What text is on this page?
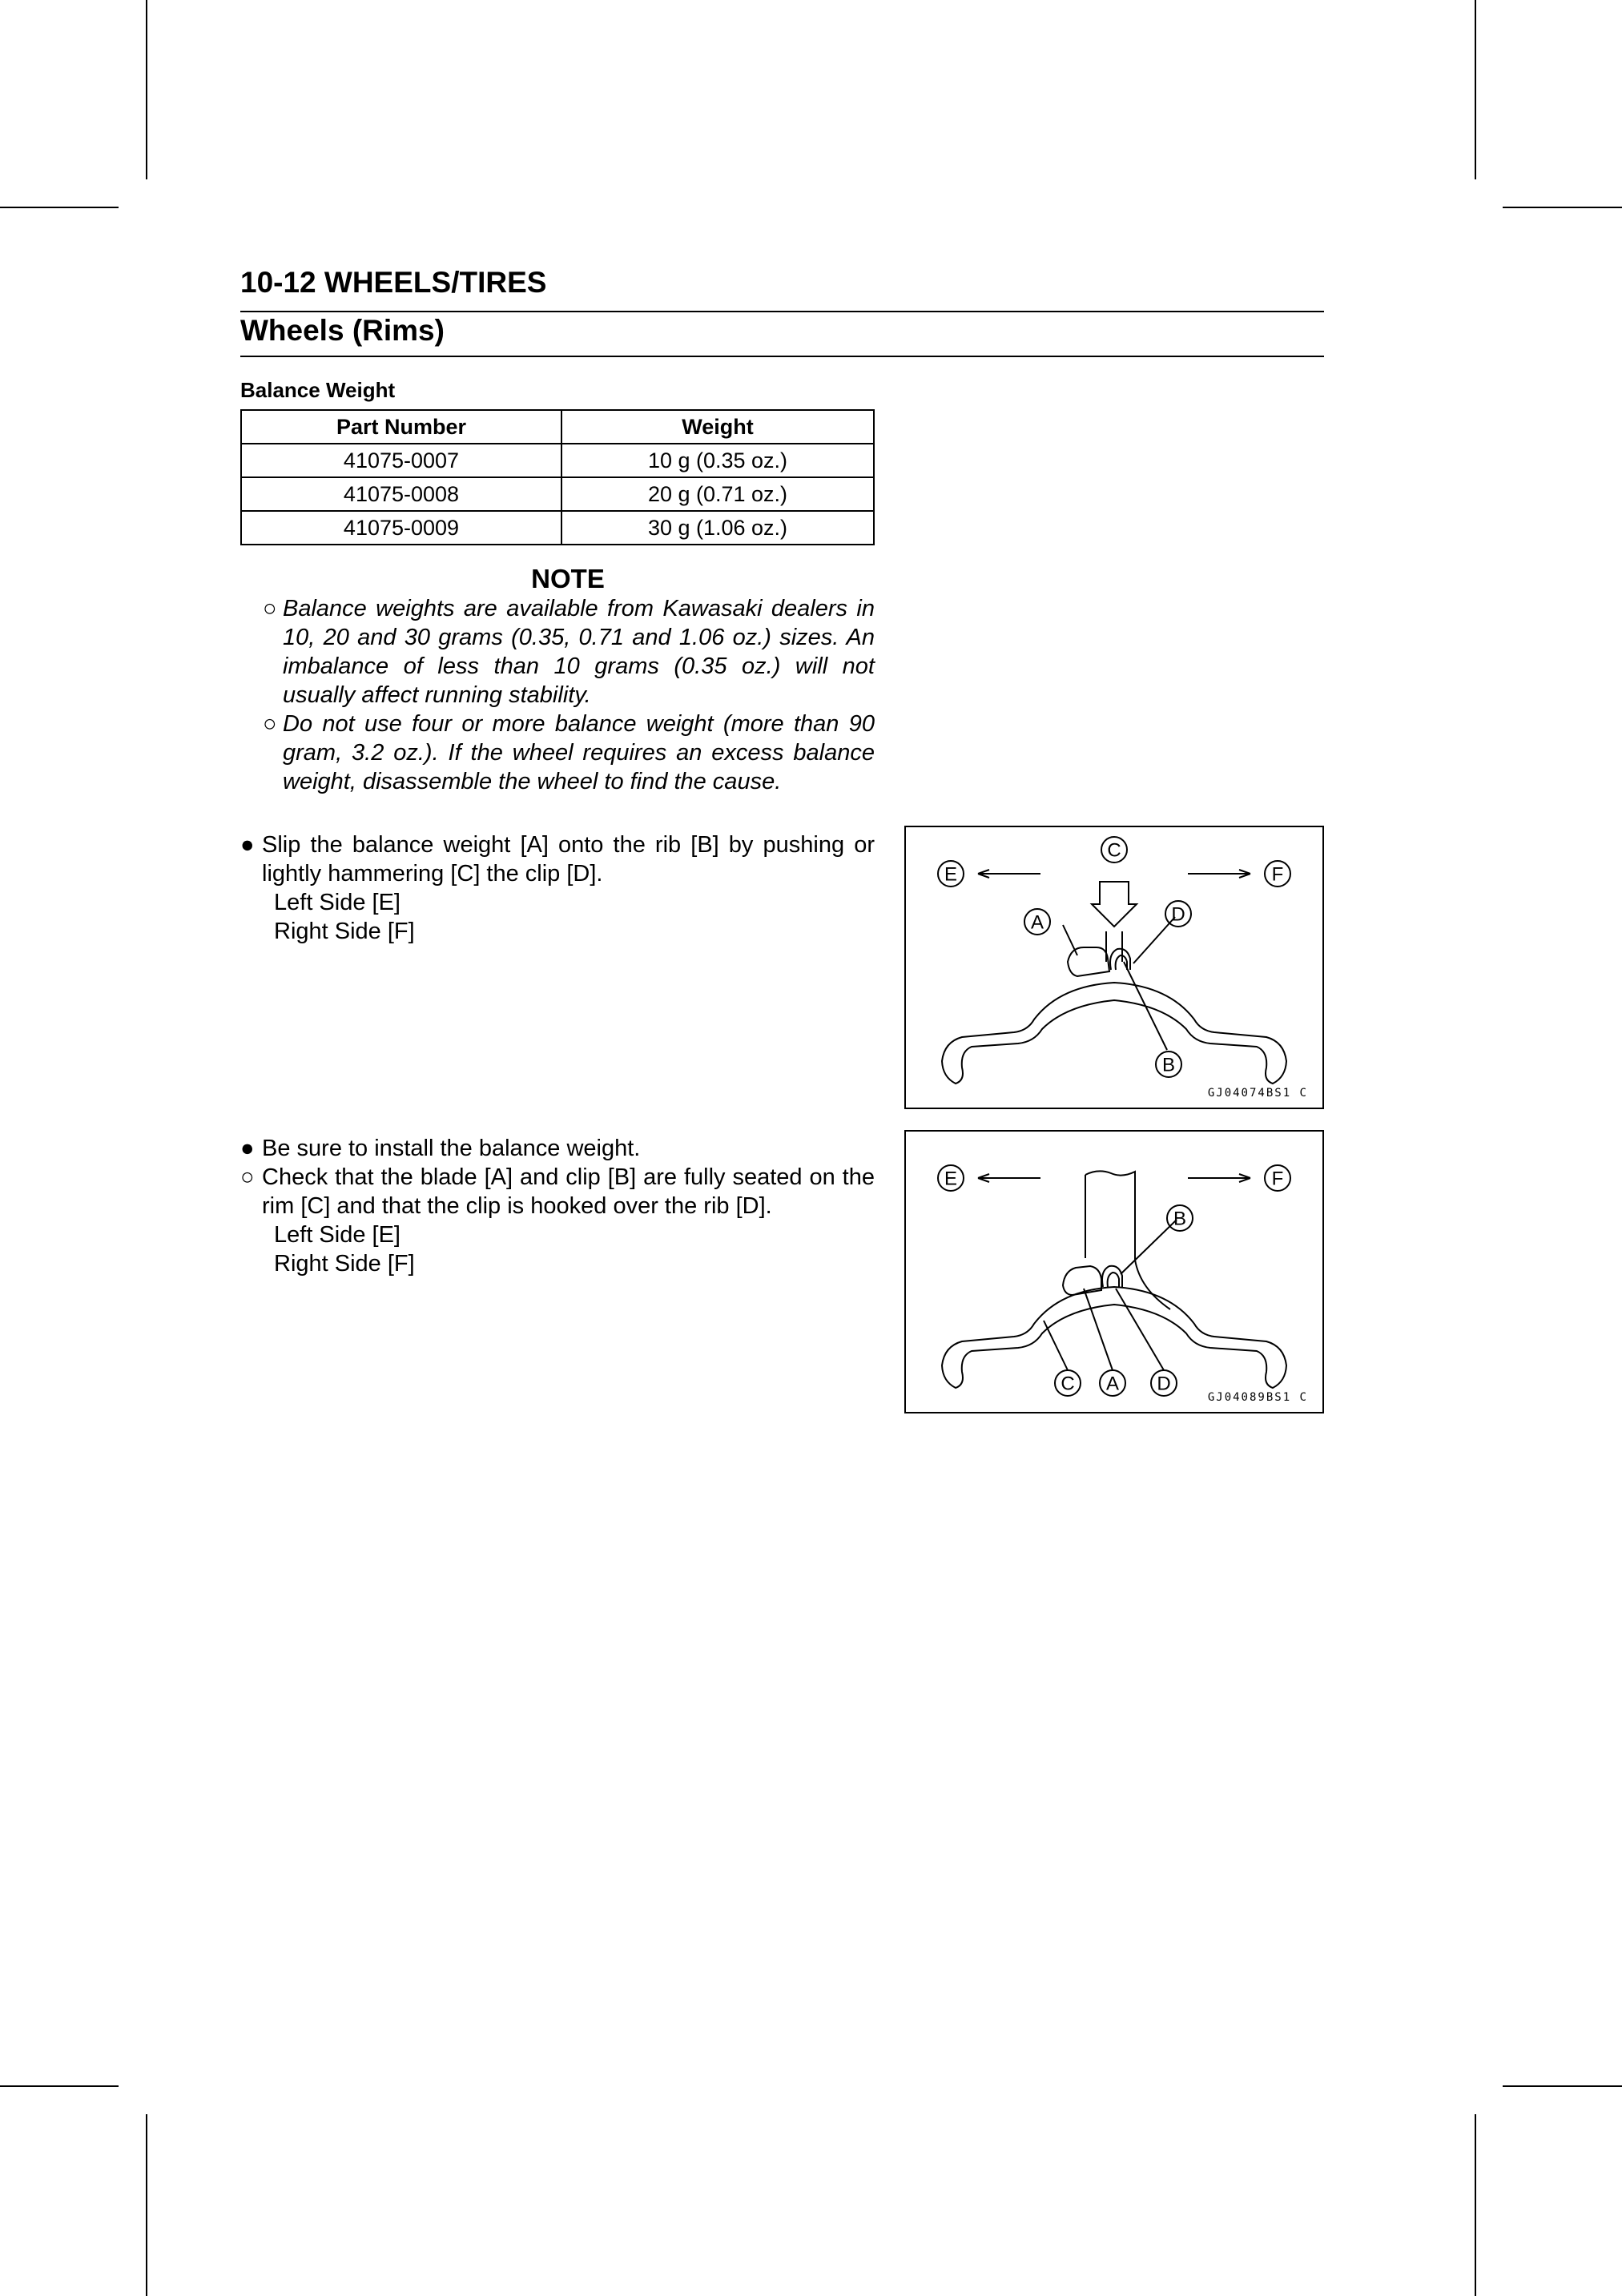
10-12 WHEELS/TIRES
Wheels (Rims)
Balance Weight
Part Number	Weight
41075-0007	10 g (0.35 oz.)
41075-0008	20 g (0.71 oz.)
41075-0009	30 g (1.06 oz.)
NOTE
○ Balance weights are available from Kawasaki dealers in 10, 20 and 30 grams (0.35, 0.71 and 1.06 oz.) sizes. An imbalance of less than 10 grams (0.35 oz.) will not usually affect running stability.
○ Do not use four or more balance weight (more than 90 gram, 3.2 oz.). If the wheel requires an excess balance weight, disassemble the wheel to find the cause.
● Slip the balance weight [A] onto the rib [B] by pushing or lightly hammering [C] the clip [D].
Left Side [E]
Right Side [F]
C
E	F
A	D
B
GJ04074BS1 C
● Be sure to install the balance weight.
○ Check that the blade [A] and clip [B] are fully seated on the rim [C] and that the clip is hooked over the rib [D].
Left Side [E]
Right Side [F]
E	F
B
C A D
GJ04089BS1 C
